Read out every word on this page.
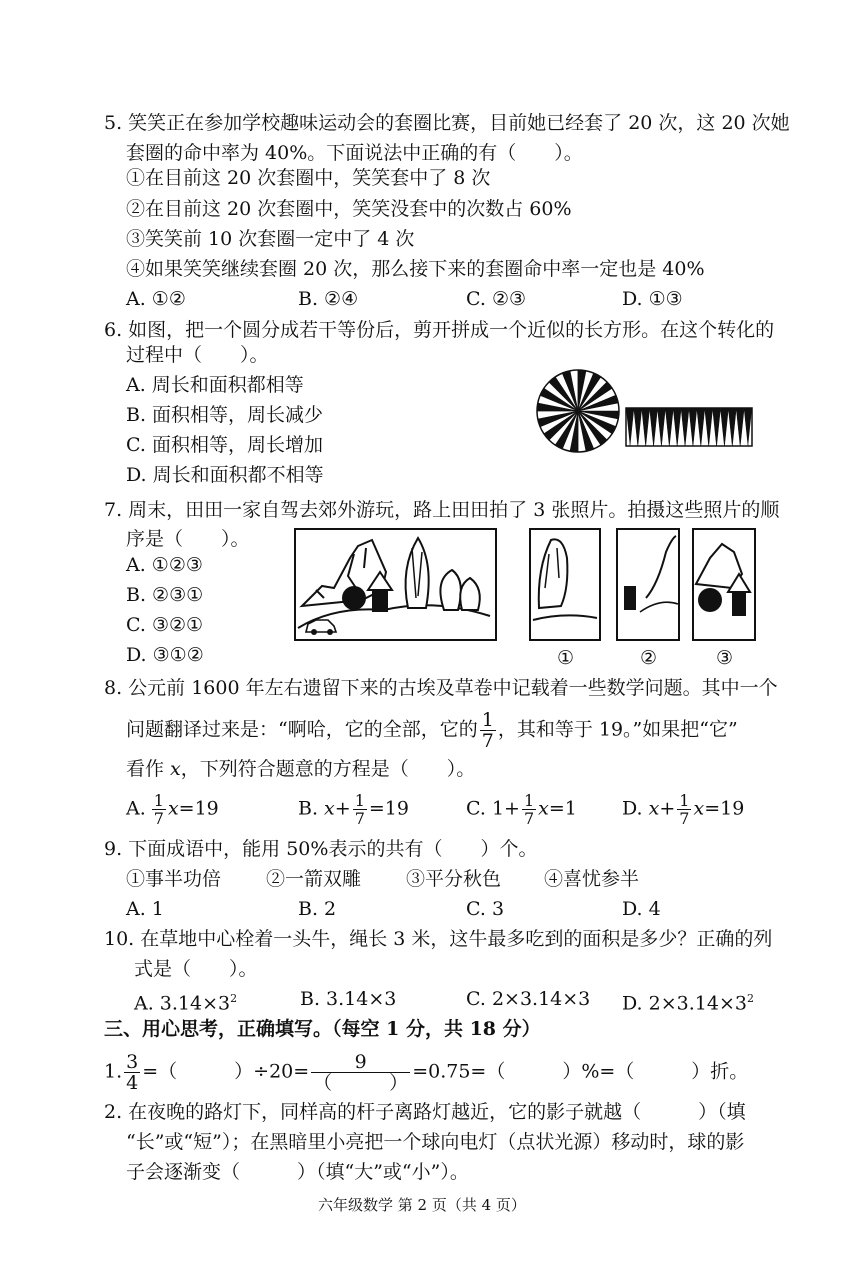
5. 笑笑正在参加学校趣味运动会的套圈比赛，目前她已经套了 20 次，这 20 次她
套圈的命中率为 40%。下面说法中正确的有（　　）。
①在目前这 20 次套圈中，笑笑套中了 8 次
②在目前这 20 次套圈中，笑笑没套中的次数占 60%
③笑笑前 10 次套圈一定中了 4 次
④如果笑笑继续套圈 20 次，那么接下来的套圈命中率一定也是 40%
A. ①②	B. ②④	C. ②③	D. ①③
6. 如图，把一个圆分成若干等份后，剪开拼成一个近似的长方形。在这个转化的
过程中（　　）。
A. 周长和面积都相等
B. 面积相等，周长减少
C. 面积相等，周长增加
D. 周长和面积都不相等
7. 周末，田田一家自驾去郊外游玩，路上田田拍了 3 张照片。拍摄这些照片的顺
序是（　　）。
A. ①②③
B. ②③①
C. ③②①
D. ③①②	①	②	③
8. 公元前 1600 年左右遗留下来的古埃及草卷中记载着一些数学问题。其中一个
问题翻译过来是：“啊哈，它的全部，它的 $\frac{1}{7}$ ，其和等于 19。”如果把“它”
看作 x，下列符合题意的方程是（　　）。
A. $\frac{1}{7} x=19$	B. $x+ \frac{1}{7} =19$	C. $1+ \frac{1}{7} x=1$ D. $x+ \frac{1}{7} x=19$
9. 下面成语中，能用 50%表示的共有（　　）个。
①事半功倍 ②一箭双雕 ③平分秋色 ④喜忧参半
A. 1	B. 2	C. 3	D. 4
10. 在草地中心栓着一头牛，绳长 3 米，这牛最多吃到的面积是多少？正确的列
式是（　　）。
A. $3.14\times 3^2$	B. 3.14×3	C. 2×3.14×3 D. $2\times 3.14\times 3^2$
三、用心思考，正确填写。（每空 1 分，共 18 分）
1. $\frac{3}{4}$ =（　　　）$\div 20= \frac{9}{( )} =0.75=$（　　　）%=（　　　）折。
2. 在夜晚的路灯下，同样高的杆子离路灯越近，它的影子就越（　　　）（填
“长”或“短”）；在黑暗里小亮把一个球向电灯（点状光源）移动时，球的影
子会逐渐变（　　　）（填“大”或“小”）。
六年级数学 第 2 页（共 4 页）
